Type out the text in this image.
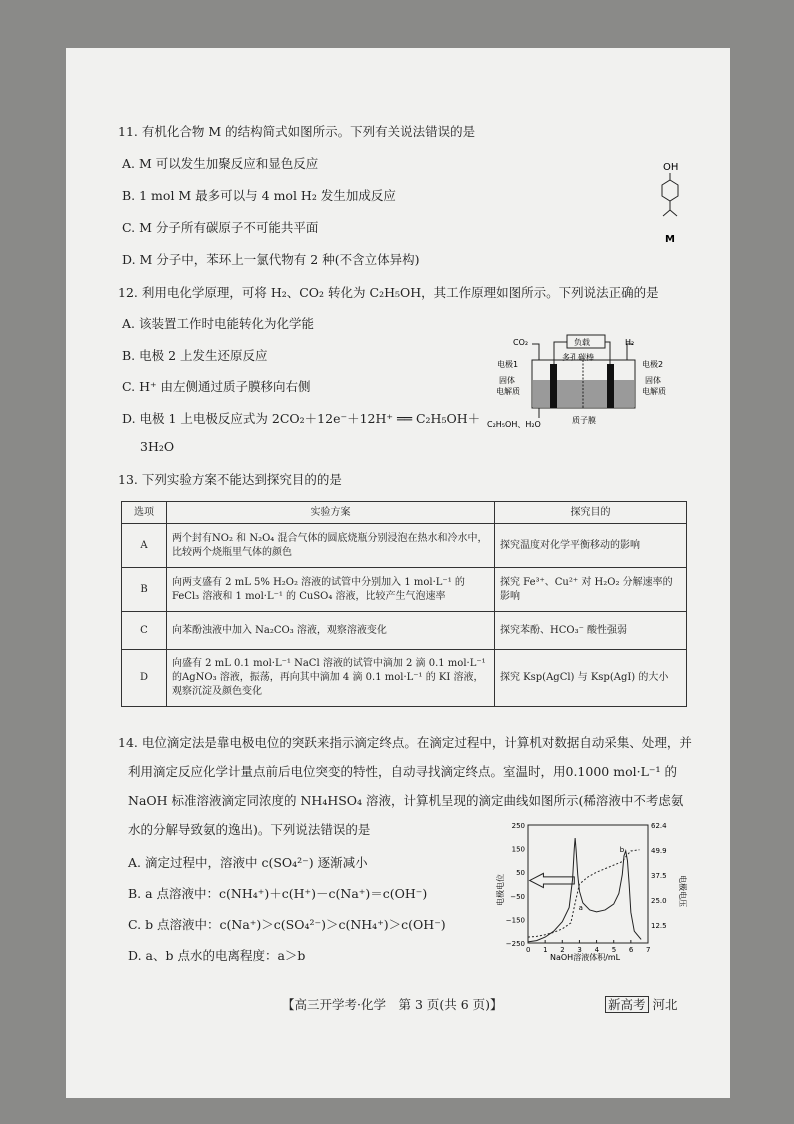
11. 有机化合物 M 的结构简式如图所示。下列有关说法错误的是
A. M 可以发生加聚反应和显色反应
B. 1 mol M 最多可以与 4 mol H₂ 发生加成反应
C. M 分子所有碳原子不可能共平面
D. M 分子中，苯环上一氯代物有 2 种(不含立体异构)
OH
M
12. 利用电化学原理，可将 H₂、CO₂ 转化为 C₂H₅OH，其工作原理如图所示。下列说法正确的是
A. 该装置工作时电能转化为化学能
B. 电极 2 上发生还原反应
C. H⁺ 由左侧通过质子膜移向右侧
D. 电极 1 上电极反应式为 2CO₂＋12e⁻＋12H⁺ ══ C₂H₅OH＋
3H₂O
CO₂	负载	H₂
多孔碳棒
电极1	电极2
固体
电解质
固体
电解质
C₂H₅OH、H₂O	质子膜
13. 下列实验方案不能达到探究目的的是
选项	实验方案	探究目的
A	两个封有NO₂ 和 N₂O₄ 混合气体的圆底烧瓶分别浸泡在热水和冷水中，比较两个烧瓶里气体的颜色	探究温度对化学平衡移动的影响
B	向两支盛有 2 mL 5% H₂O₂ 溶液的试管中分别加入 1 mol·L⁻¹ 的 FeCl₃ 溶液和 1 mol·L⁻¹ 的 CuSO₄ 溶液，比较产生气泡速率	探究 Fe³⁺、Cu²⁺ 对 H₂O₂ 分解速率的影响
C	向苯酚浊液中加入 Na₂CO₃ 溶液，观察溶液变化	探究苯酚、HCO₃⁻ 酸性强弱
D	向盛有 2 mL 0.1 mol·L⁻¹ NaCl 溶液的试管中滴加 2 滴 0.1 mol·L⁻¹ 的AgNO₃ 溶液，振荡，再向其中滴加 4 滴 0.1 mol·L⁻¹ 的 KI 溶液，观察沉淀及颜色变化	探究 Ksp(AgCl) 与 Ksp(AgI) 的大小
14. 电位滴定法是靠电极电位的突跃来指示滴定终点。在滴定过程中，计算机对数据自动采集、处理，并
利用滴定反应化学计量点前后电位突变的特性，自动寻找滴定终点。室温时，用0.1000 mol·L⁻¹ 的
NaOH 标准溶液滴定同浓度的 NH₄HSO₄ 溶液，计算机呈现的滴定曲线如图所示(稀溶液中不考虑氨
水的分解导致氨的逸出)。下列说法错误的是
A. 滴定过程中，溶液中 c(SO₄²⁻) 逐渐减小
B. a 点溶液中：c(NH₄⁺)＋c(H⁺)－c(Na⁺)＝c(OH⁻)
C. b 点溶液中：c(Na⁺)＞c(SO₄²⁻)＞c(NH₄⁺)＞c(OH⁻)
D. a、b 点水的电离程度：a＞b	0 1 2 3 4 5 6 7
250
150
50
−50
−150
−250
62.4
49.9
37.5
25.0
12.5
a
b
电极电位	电极电压
NaOH溶液体积/mL
【高三开学考·化学　第 3 页(共 6 页)】	新高考 河北
